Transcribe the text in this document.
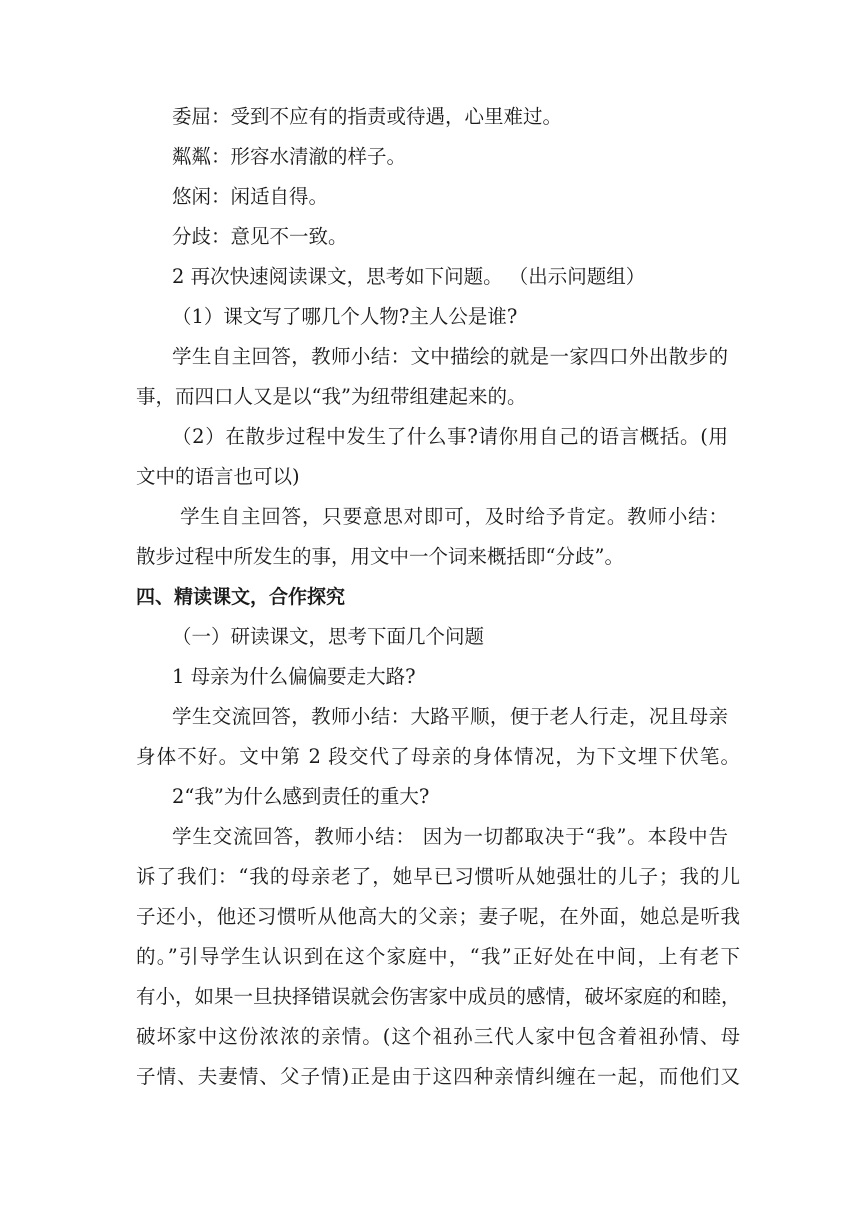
委屈：受到不应有的指责或待遇，心里难过。
粼粼：形容水清澈的样子。
悠闲：闲适自得。
分歧：意见不一致。
2 再次快速阅读课文，思考如下问题。 （出示问题组）
（1）课文写了哪几个人物?主人公是谁?
学生自主回答，教师小结：文中描绘的就是一家四口外出散步的
事，而四口人又是以“我”为纽带组建起来的。
（2）在散步过程中发生了什么事?请你用自己的语言概括。(用
文中的语言也可以)
学生自主回答，只要意思对即可，及时给予肯定。教师小结：
散步过程中所发生的事，用文中一个词来概括即“分歧”。
四、精读课文，合作探究
（一）研读课文，思考下面几个问题
1 母亲为什么偏偏要走大路?
学生交流回答，教师小结：大路平顺，便于老人行走，况且母亲
身体不好。文中第 2 段交代了母亲的身体情况，为下文埋下伏笔。
2“我”为什么感到责任的重大?
学生交流回答，教师小结： 因为一切都取决于“我”。本段中告
诉了我们：“我的母亲老了，她早已习惯听从她强壮的儿子；我的儿
子还小，他还习惯听从他高大的父亲；妻子呢，在外面，她总是听我
的。”引导学生认识到在这个家庭中，“我”正好处在中间，上有老下
有小，如果一旦抉择错误就会伤害家中成员的感情，破坏家庭的和睦，
破坏家中这份浓浓的亲情。(这个祖孙三代人家中包含着祖孙情、母
子情、夫妻情、父子情)正是由于这四种亲情纠缠在一起，而他们又
